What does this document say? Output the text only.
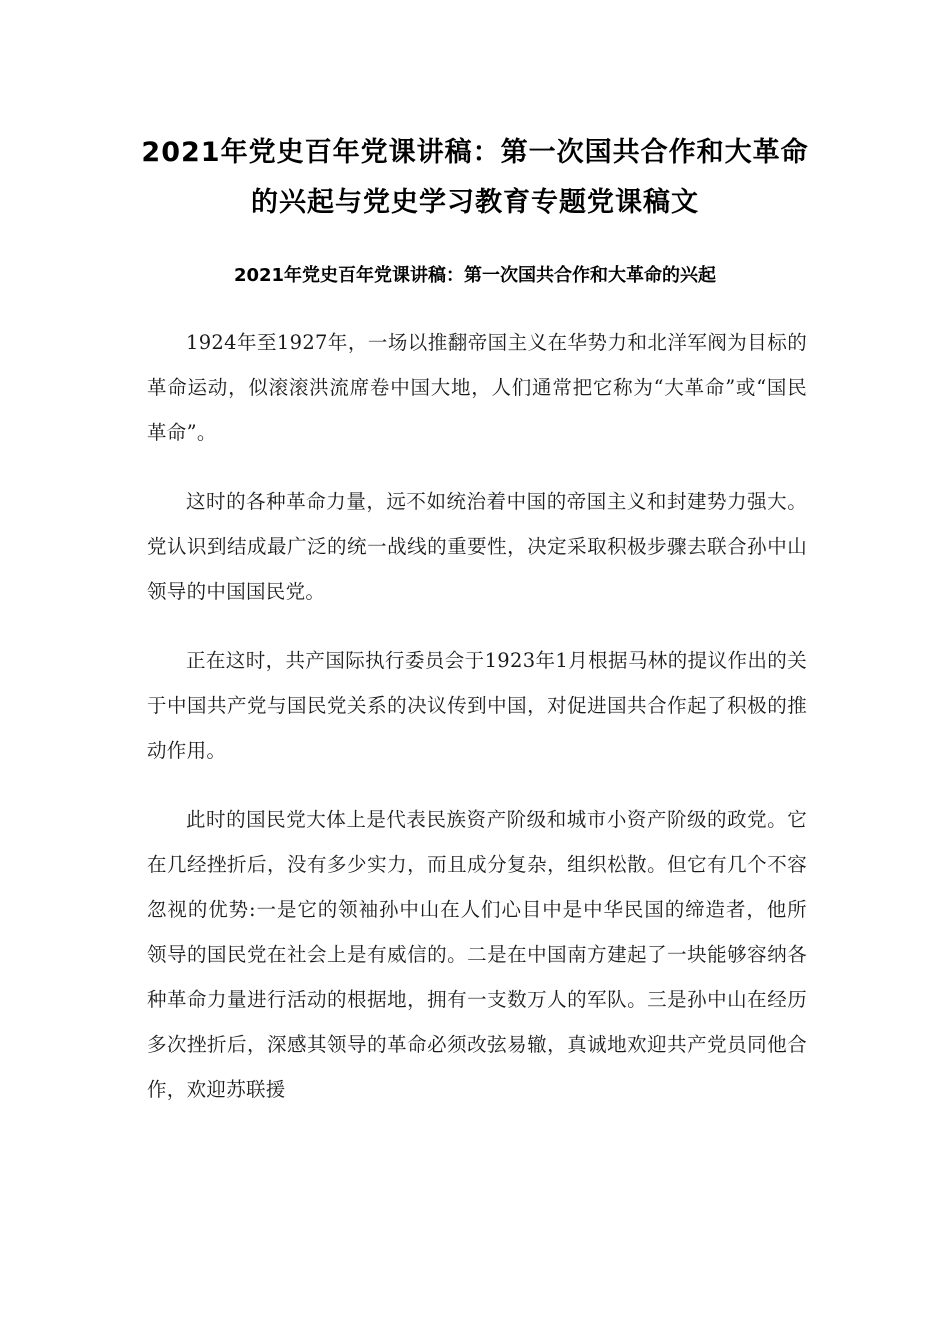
2021年党史百年党课讲稿：第一次国共合作和大革命的兴起与党史学习教育专题党课稿文
2021年党史百年党课讲稿：第一次国共合作和大革命的兴起

1924年至1927年，一场以推翻帝国主义在华势力和北洋军阀为目标的革命运动，似滚滚洪流席卷中国大地，人们通常把它称为“大革命”或“国民革命”。

这时的各种革命力量，远不如统治着中国的帝国主义和封建势力强大。党认识到结成最广泛的统一战线的重要性，决定采取积极步骤去联合孙中山领导的中国国民党。

正在这时，共产国际执行委员会于1923年1月根据马林的提议作出的关于中国共产党与国民党关系的决议传到中国，对促进国共合作起了积极的推动作用。

此时的国民党大体上是代表民族资产阶级和城市小资产阶级的政党。它在几经挫折后，没有多少实力，而且成分复杂，组织松散。但它有几个不容忽视的优势:一是它的领袖孙中山在人们心目中是中华民国的缔造者，他所领导的国民党在社会上是有威信的。二是在中国南方建起了一块能够容纳各种革命力量进行活动的根据地，拥有一支数万人的军队。三是孙中山在经历多次挫折后，深感其领导的革命必须改弦易辙，真诚地欢迎共产党员同他合作，欢迎苏联援
